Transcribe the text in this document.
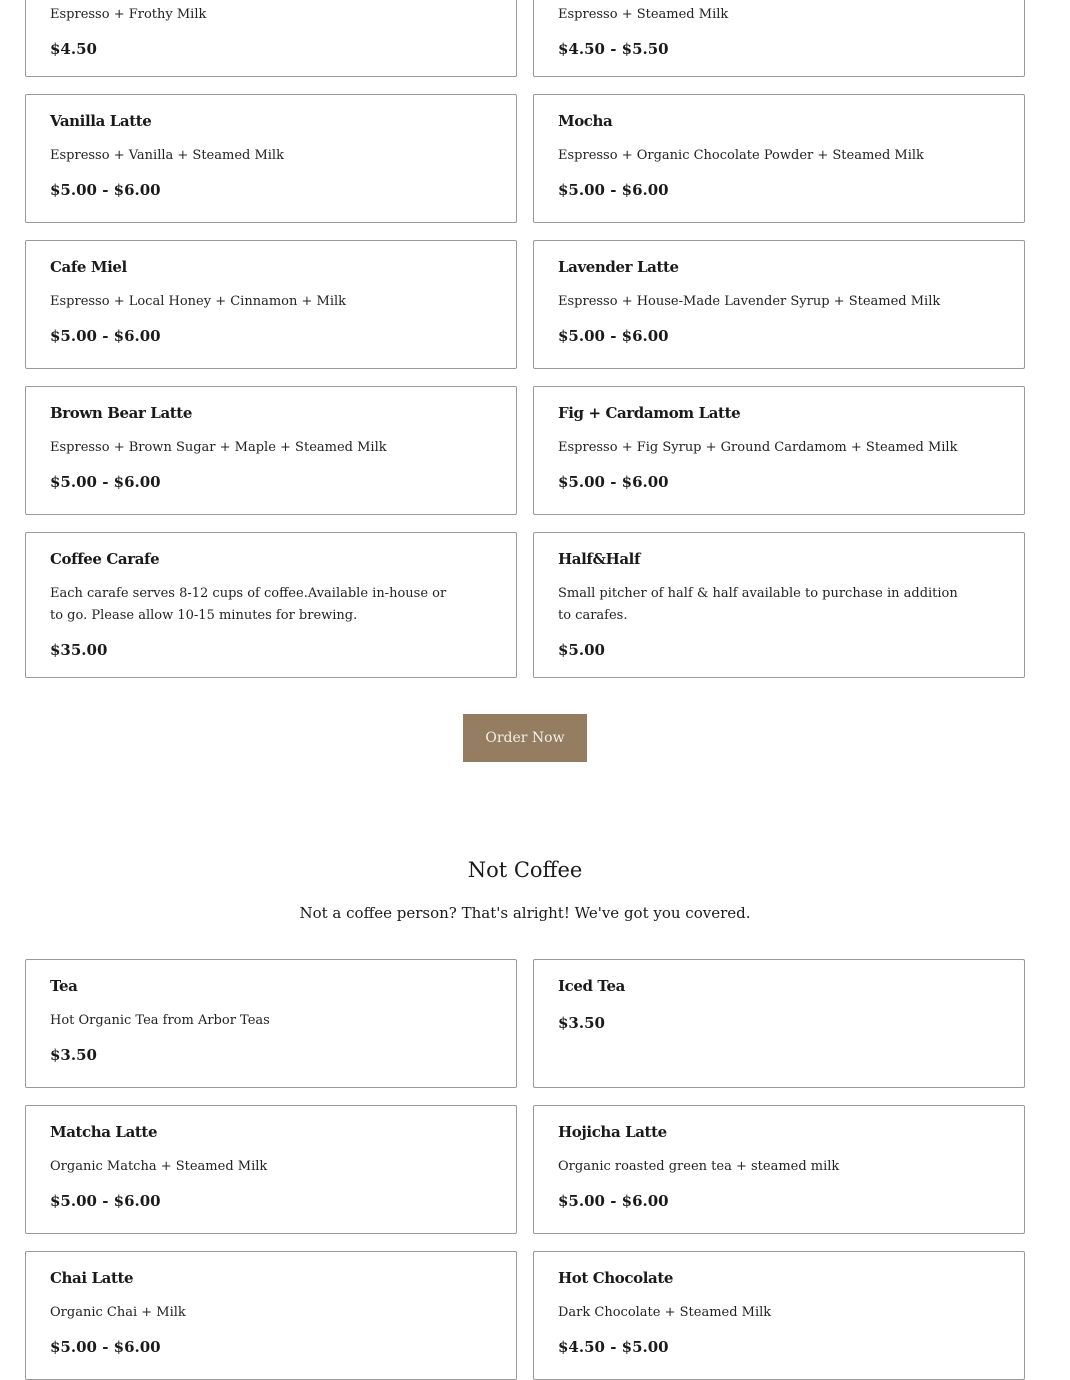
Espresso + Frothy Milk
$4.50
Espresso + Steamed Milk
$4.50 - $5.50
Vanilla Latte
Espresso + Vanilla + Steamed Milk
$5.00 - $6.00
Mocha
Espresso + Organic Chocolate Powder + Steamed Milk
$5.00 - $6.00
Cafe Miel
Espresso + Local Honey + Cinnamon + Milk
$5.00 - $6.00
Lavender Latte
Espresso + House-Made Lavender Syrup + Steamed Milk
$5.00 - $6.00
Brown Bear Latte
Espresso + Brown Sugar + Maple + Steamed Milk
$5.00 - $6.00
Fig + Cardamom Latte
Espresso + Fig Syrup + Ground Cardamom + Steamed Milk
$5.00 - $6.00
Coffee Carafe
Each carafe serves 8-12 cups of coffee.Available in-house or to go. Please allow 10-15 minutes for brewing.
$35.00
Half&Half
Small pitcher of half & half available to purchase in addition to carafes.
$5.00
Order Now
Not Coffee

Not a coffee person? That's alright! We've got you covered.

Tea
Hot Organic Tea from Arbor Teas
$3.50
Iced Tea
$3.50
Matcha Latte
Organic Matcha + Steamed Milk
$5.00 - $6.00
Hojicha Latte
Organic roasted green tea + steamed milk
$5.00 - $6.00
Chai Latte
Organic Chai + Milk
$5.00 - $6.00
Hot Chocolate
Dark Chocolate + Steamed Milk
$4.50 - $5.00
